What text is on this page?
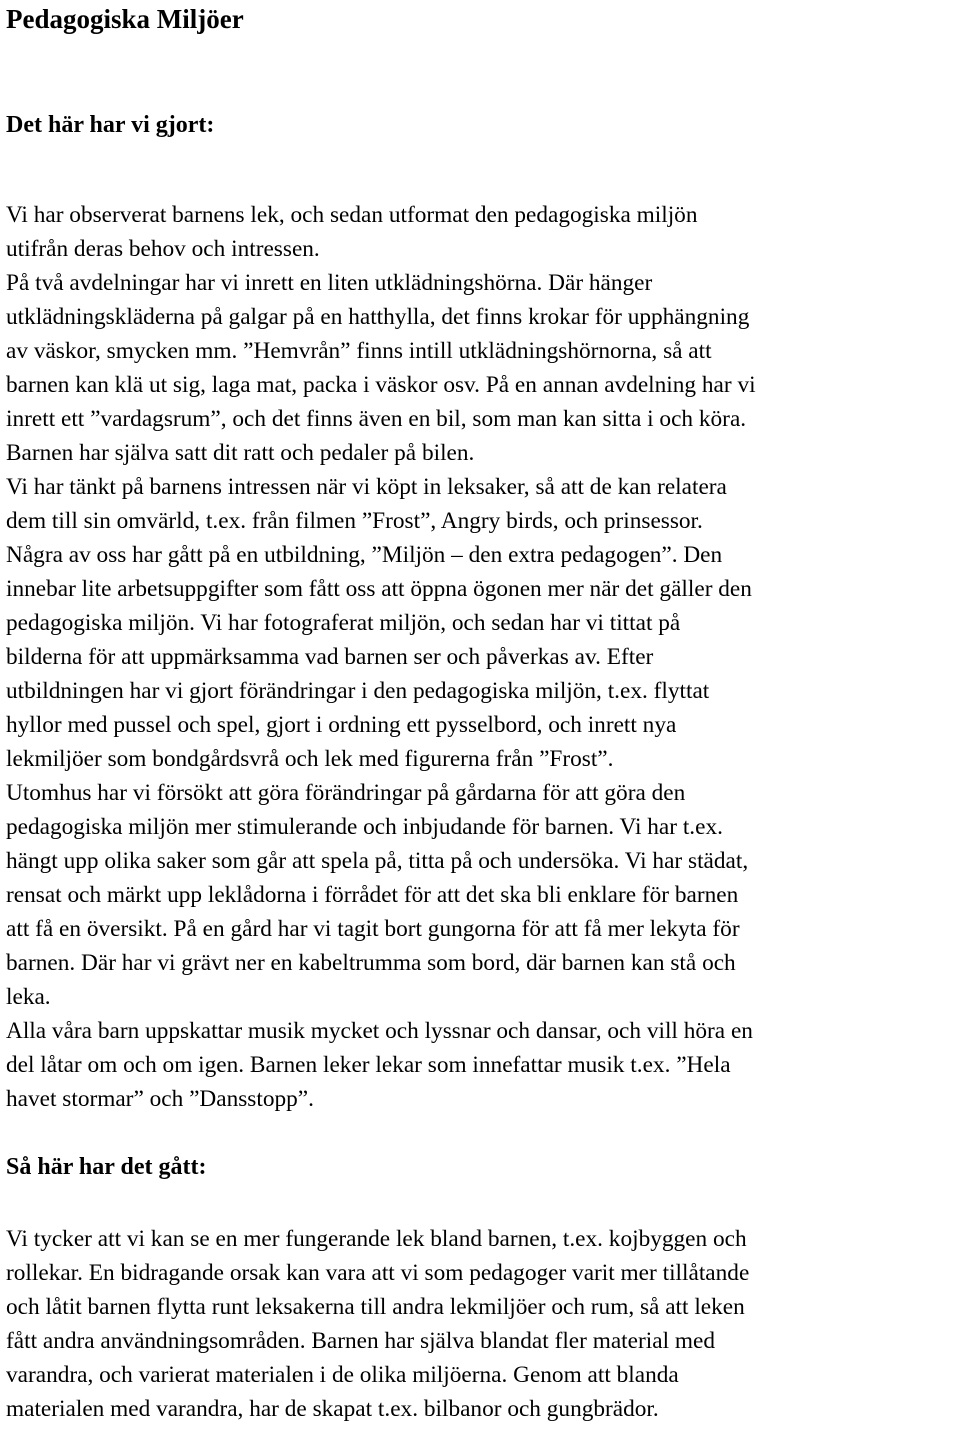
Pedagogiska Miljöer
Det här har vi gjort:

Vi har observerat barnens lek, och sedan utformat den pedagogiska miljön
utifrån deras behov och intressen.

På två avdelningar har vi inrett en liten utklädningshörna. Där hänger
utklädningskläderna på galgar på en hatthylla, det finns krokar för upphängning
av väskor, smycken mm. ”Hemvrån” finns intill utklädningshörnorna, så att
barnen kan klä ut sig, laga mat, packa i väskor osv. På en annan avdelning har vi
inrett ett ”vardagsrum”, och det finns även en bil, som man kan sitta i och köra.
Barnen har själva satt dit ratt och pedaler på bilen.

Vi har tänkt på barnens intressen när vi köpt in leksaker, så att de kan relatera
dem till sin omvärld, t.ex. från filmen ”Frost”, Angry birds, och prinsessor.

Några av oss har gått på en utbildning, ”Miljön – den extra pedagogen”. Den
innebar lite arbetsuppgifter som fått oss att öppna ögonen mer när det gäller den
pedagogiska miljön. Vi har fotograferat miljön, och sedan har vi tittat på
bilderna för att uppmärksamma vad barnen ser och påverkas av. Efter
utbildningen har vi gjort förändringar i den pedagogiska miljön, t.ex. flyttat
hyllor med pussel och spel, gjort i ordning ett pysselbord, och inrett nya
lekmiljöer som bondgårdsvrå och lek med figurerna från ”Frost”.

Utomhus har vi försökt att göra förändringar på gårdarna för att göra den
pedagogiska miljön mer stimulerande och inbjudande för barnen. Vi har t.ex.
hängt upp olika saker som går att spela på, titta på och undersöka. Vi har städat,
rensat och märkt upp leklådorna i förrådet för att det ska bli enklare för barnen
att få en översikt. På en gård har vi tagit bort gungorna för att få mer lekyta för
barnen. Där har vi grävt ner en kabeltrumma som bord, där barnen kan stå och
leka.

Alla våra barn uppskattar musik mycket och lyssnar och dansar, och vill höra en
del låtar om och om igen. Barnen leker lekar som innefattar musik t.ex. ”Hela
havet stormar” och ”Dansstopp”.

Så här har det gått:

Vi tycker att vi kan se en mer fungerande lek bland barnen, t.ex. kojbyggen och
rollekar. En bidragande orsak kan vara att vi som pedagoger varit mer tillåtande
och låtit barnen flytta runt leksakerna till andra lekmiljöer och rum, så att leken
fått andra användningsområden. Barnen har själva blandat fler material med
varandra, och varierat materialen i de olika miljöerna. Genom att blanda
materialen med varandra, har de skapat t.ex. bilbanor och gungbrädor.
